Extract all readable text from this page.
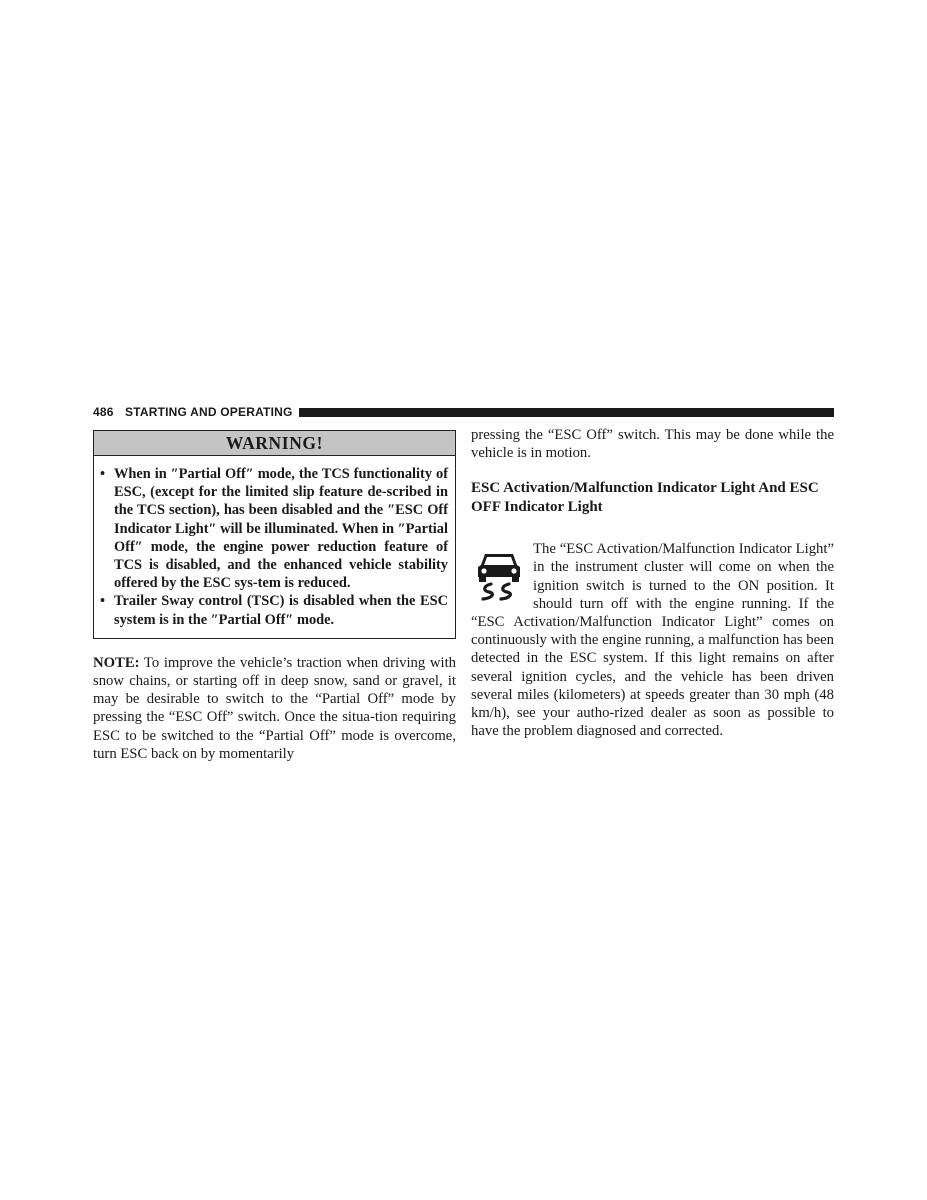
486 STARTING AND OPERATING
WARNING!
• When in ″Partial Off″ mode, the TCS functionality of ESC, (except for the limited slip feature de-scribed in the TCS section), has been disabled and the ″ESC Off Indicator Light″ will be illuminated. When in ″Partial Off″ mode, the engine power reduction feature of TCS is disabled, and the enhanced vehicle stability offered by the ESC sys-tem is reduced.
• Trailer Sway control (TSC) is disabled when the ESC system is in the ″Partial Off″ mode.

NOTE: To improve the vehicle’s traction when driving with snow chains, or starting off in deep snow, sand or gravel, it may be desirable to switch to the “Partial Off” mode by pressing the “ESC Off” switch. Once the situa-tion requiring ESC to be switched to the “Partial Off” mode is overcome, turn ESC back on by momentarily

pressing the “ESC Off” switch. This may be done while the vehicle is in motion.

ESC Activation/Malfunction Indicator Light And ESC OFF Indicator Light

The “ESC Activation/Malfunction Indicator Light” in the instrument cluster will come on when the ignition switch is turned to the ON position. It should turn off with the engine running. If the “ESC Activation/Malfunction Indicator Light” comes on continuously with the engine running, a malfunction has been detected in the ESC system. If this light remains on after several ignition cycles, and the vehicle has been driven several miles (kilometers) at speeds greater than 30 mph (48 km/h), see your autho-rized dealer as soon as possible to have the problem diagnosed and corrected.
